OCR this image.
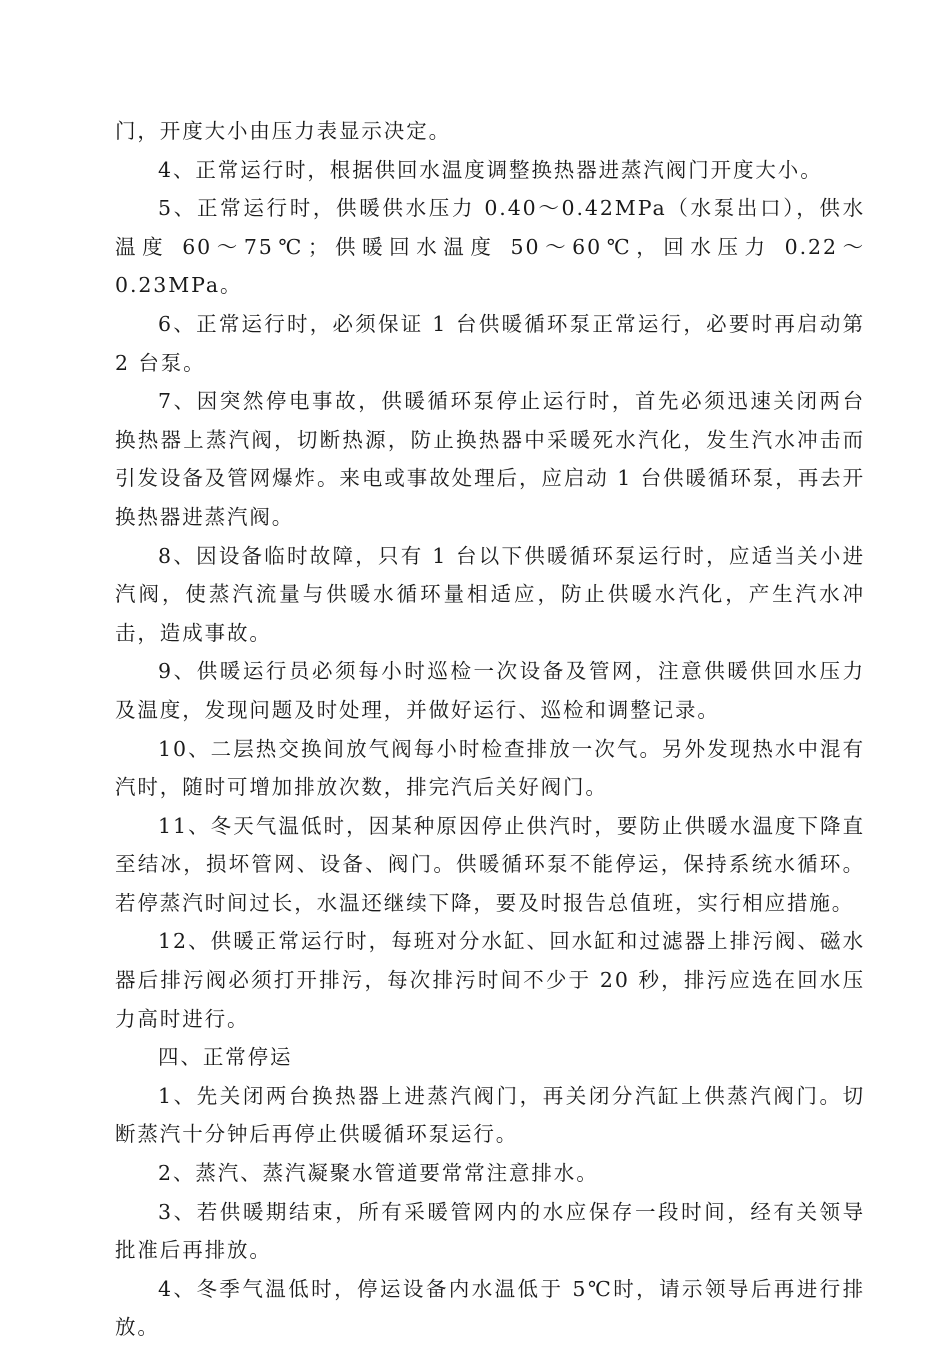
门，开度大小由压力表显示决定。

4、正常运行时，根据供回水温度调整换热器进蒸汽阀门开度大小。

5、正常运行时，供暖供水压力 0.40～0.42MPa（水泵出口），供水温度 60～75℃；供暖回水温度 50～60℃，回水压力 0.22～0.23MPa。

6、正常运行时，必须保证 1 台供暖循环泵正常运行，必要时再启动第 2 台泵。

7、因突然停电事故，供暖循环泵停止运行时，首先必须迅速关闭两台换热器上蒸汽阀，切断热源，防止换热器中采暖死水汽化，发生汽水冲击而引发设备及管网爆炸。来电或事故处理后，应启动 1 台供暖循环泵，再去开换热器进蒸汽阀。

8、因设备临时故障，只有 1 台以下供暖循环泵运行时，应适当关小进汽阀，使蒸汽流量与供暖水循环量相适应，防止供暖水汽化，产生汽水冲击，造成事故。

9、供暖运行员必须每小时巡检一次设备及管网，注意供暖供回水压力及温度，发现问题及时处理，并做好运行、巡检和调整记录。

10、二层热交换间放气阀每小时检查排放一次气。另外发现热水中混有汽时，随时可增加排放次数，排完汽后关好阀门。

11、冬天气温低时，因某种原因停止供汽时，要防止供暖水温度下降直至结冰，损坏管网、设备、阀门。供暖循环泵不能停运，保持系统水循环。若停蒸汽时间过长，水温还继续下降，要及时报告总值班，实行相应措施。

12、供暖正常运行时，每班对分水缸、回水缸和过滤器上排污阀、磁水器后排污阀必须打开排污，每次排污时间不少于 20 秒，排污应选在回水压力高时进行。

四、正常停运

1、先关闭两台换热器上进蒸汽阀门，再关闭分汽缸上供蒸汽阀门。切断蒸汽十分钟后再停止供暖循环泵运行。

2、蒸汽、蒸汽凝聚水管道要常常注意排水。

3、若供暖期结束，所有采暖管网内的水应保存一段时间，经有关领导批准后再排放。

4、冬季气温低时，停运设备内水温低于 5℃时，请示领导后再进行排放。
